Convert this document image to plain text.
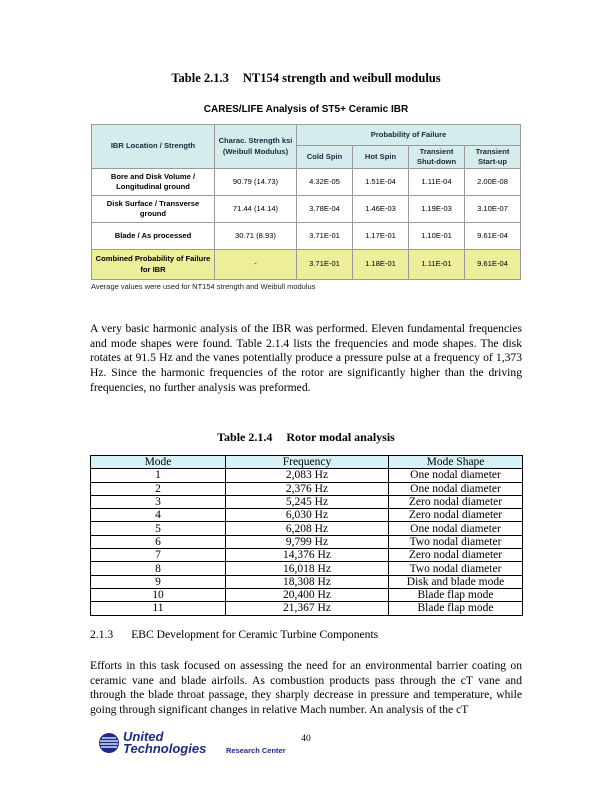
Table 2.1.3 NT154 strength and weibull modulus
CARES/LIFE Analysis of ST5+ Ceramic IBR
IBR Location / Strength	Charac. Strength ksi (Weibull Modulus)	Probability of Failure			
		Cold Spin	Hot Spin	Transient Shut-down	Transient Start-up
Bore and Disk Volume / Longitudinal ground	90.79 (14.73)	4.32E-05	1.51E-04	1.11E-04	2.00E-08
Disk Surface / Transverse ground	71.44 (14.14)	3.78E-04	1.46E-03	1.19E-03	3.10E-07
Blade / As processed	30.71 (8.93)	3.71E-01	1.17E-01	1.10E-01	9.61E-04
Combined Probability of Failure for IBR	-	3.71E-01	1.18E-01	1.11E-01	9.61E-04
Average values were used for NT154 strength and Weibull modulus
A very basic harmonic analysis of the IBR was performed. Eleven fundamental frequencies and mode shapes were found. Table 2.1.4 lists the frequencies and mode shapes. The disk rotates at 91.5 Hz and the vanes potentially produce a pressure pulse at a frequency of 1,373 Hz. Since the harmonic frequencies of the rotor are significantly higher than the driving frequencies, no further analysis was preformed.
Table 2.1.4 Rotor modal analysis
Mode	Frequency	Mode Shape
1	2,083 Hz	One nodal diameter
2	2,376 Hz	One nodal diameter
3	5,245 Hz	Zero nodal diameter
4	6,030 Hz	Zero nodal diameter
5	6,208 Hz	One nodal diameter
6	9,799 Hz	Two nodal diameter
7	14,376 Hz	Zero nodal diameter
8	16,018 Hz	Two nodal diameter
9	18,308 Hz	Disk and blade mode
10	20,400 Hz	Blade flap mode
11	21,367 Hz	Blade flap mode
2.1.3 EBC Development for Ceramic Turbine Components
Efforts in this task focused on assessing the need for an environmental barrier coating on ceramic vane and blade airfoils. As combustion products pass through the cT vane and through the blade throat passage, they sharply decrease in pressure and temperature, while going through significant changes in relative Mach number. An analysis of the cT
United
Technologies	Research Center
40
